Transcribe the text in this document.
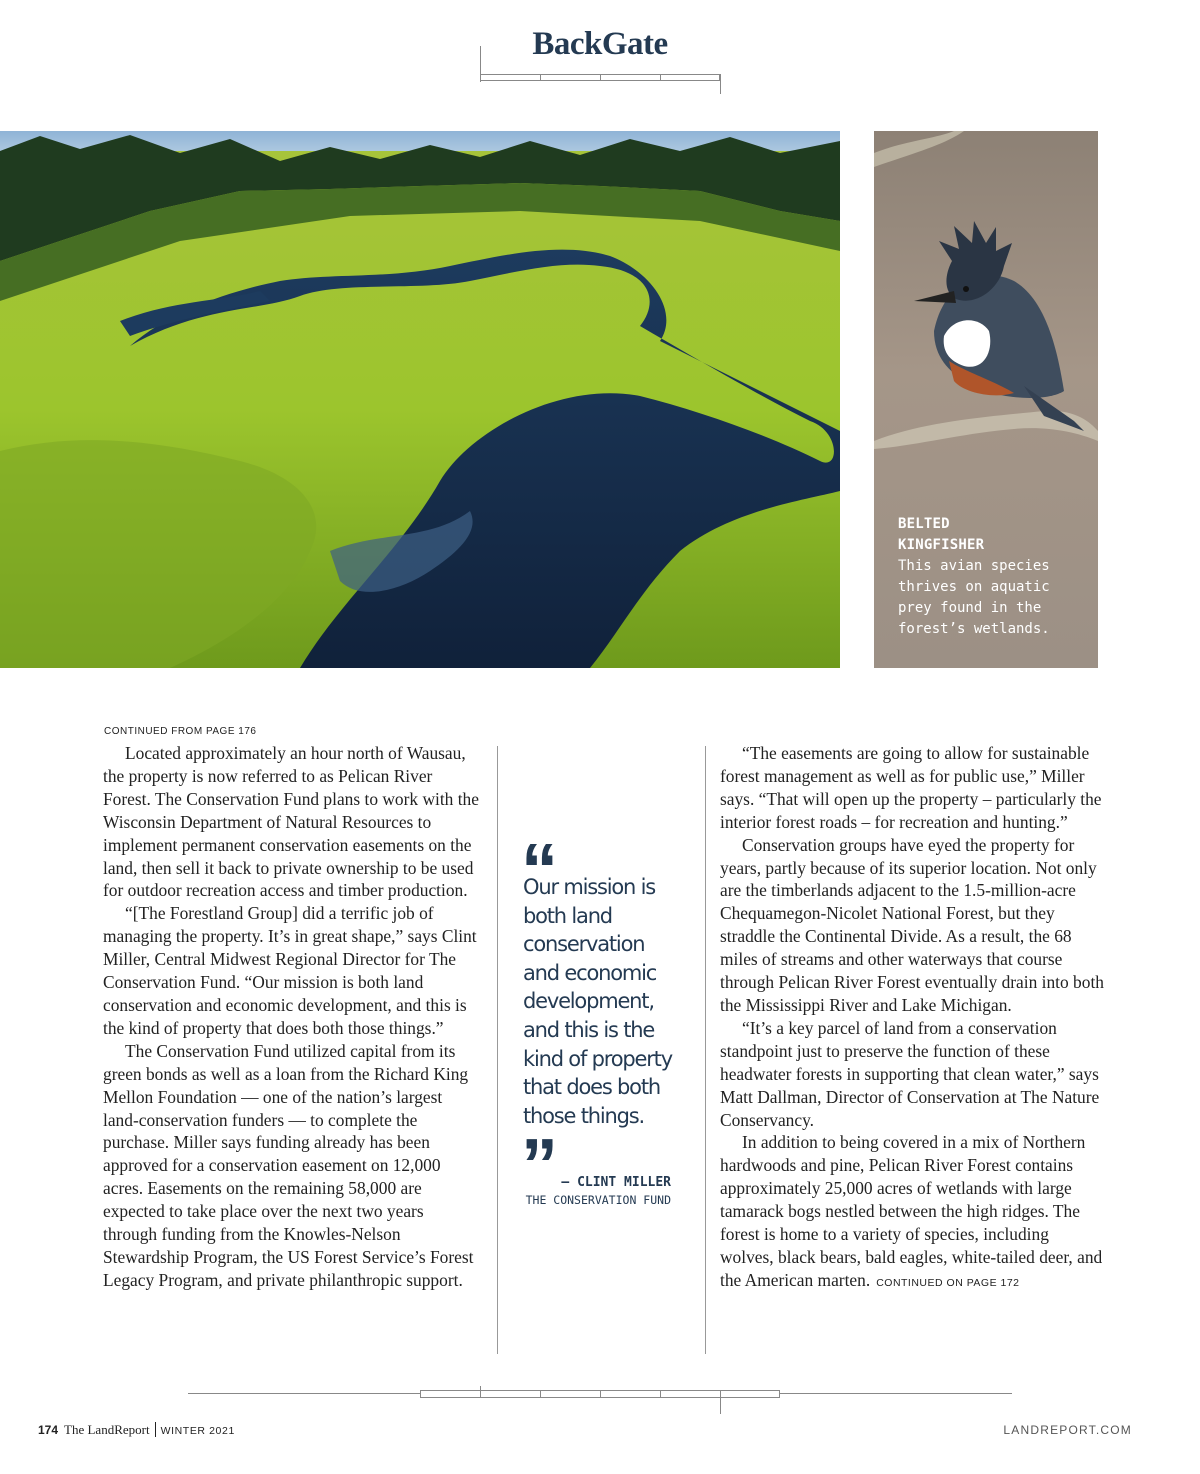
BackGate
BELTED
KINGFISHER
This avian species thrives on aquatic prey found in the forest’s wetlands.
CONTINUED FROM PAGE 176

Located approximately an hour north of Wausau, the property is now referred to as Pelican River Forest. The Conservation Fund plans to work with the Wisconsin Department of Natural Resources to implement permanent conservation easements on the land, then sell it back to private ownership to be used for outdoor recreation access and timber production.

“[The Forestland Group] did a terrific job of managing the property. It’s in great shape,” says Clint Miller, Central Midwest Regional Director for The Conservation Fund. “Our mission is both land conservation and economic development, and this is the kind of property that does both those things.”

The Conservation Fund utilized capital from its green bonds as well as a loan from the Richard King Mellon Foundation — one of the nation’s largest land-conservation funders — to complete the purchase. Miller says funding already has been approved for a conservation easement on 12,000 acres. Easements on the remaining 58,000 are expected to take place over the next two years through funding from the Knowles-Nelson Stewardship Program, the US Forest Service’s Forest Legacy Program, and private philanthropic support.

“
Our mission is both land conservation and economic development, and this is the kind of property that does both those things.
” — CLINT MILLER
THE CONSERVATION FUND

“The easements are going to allow for sustainable forest management as well as for public use,” Miller says. “That will open up the property – particularly the interior forest roads – for recreation and hunting.”

Conservation groups have eyed the property for years, partly because of its superior location. Not only are the timberlands adjacent to the 1.5-million-acre Chequamegon-Nicolet National Forest, but they straddle the Continental Divide. As a result, the 68 miles of streams and other waterways that course through Pelican River Forest eventually drain into both the Mississippi River and Lake Michigan.

“It’s a key parcel of land from a conservation standpoint just to preserve the function of these headwater forests in supporting that clean water,” says Matt Dallman, Director of Conservation at The Nature Conservancy.

In addition to being covered in a mix of Northern hardwoods and pine, Pelican River Forest contains approximately 25,000 acres of wetlands with large tamarack bogs nestled between the high ridges. The forest is home to a variety of species, including wolves, black bears, bald eagles, white-tailed deer, and the American marten. CONTINUED ON PAGE 172

174 The LandReport WINTER 2021	LANDREPORT.COM
